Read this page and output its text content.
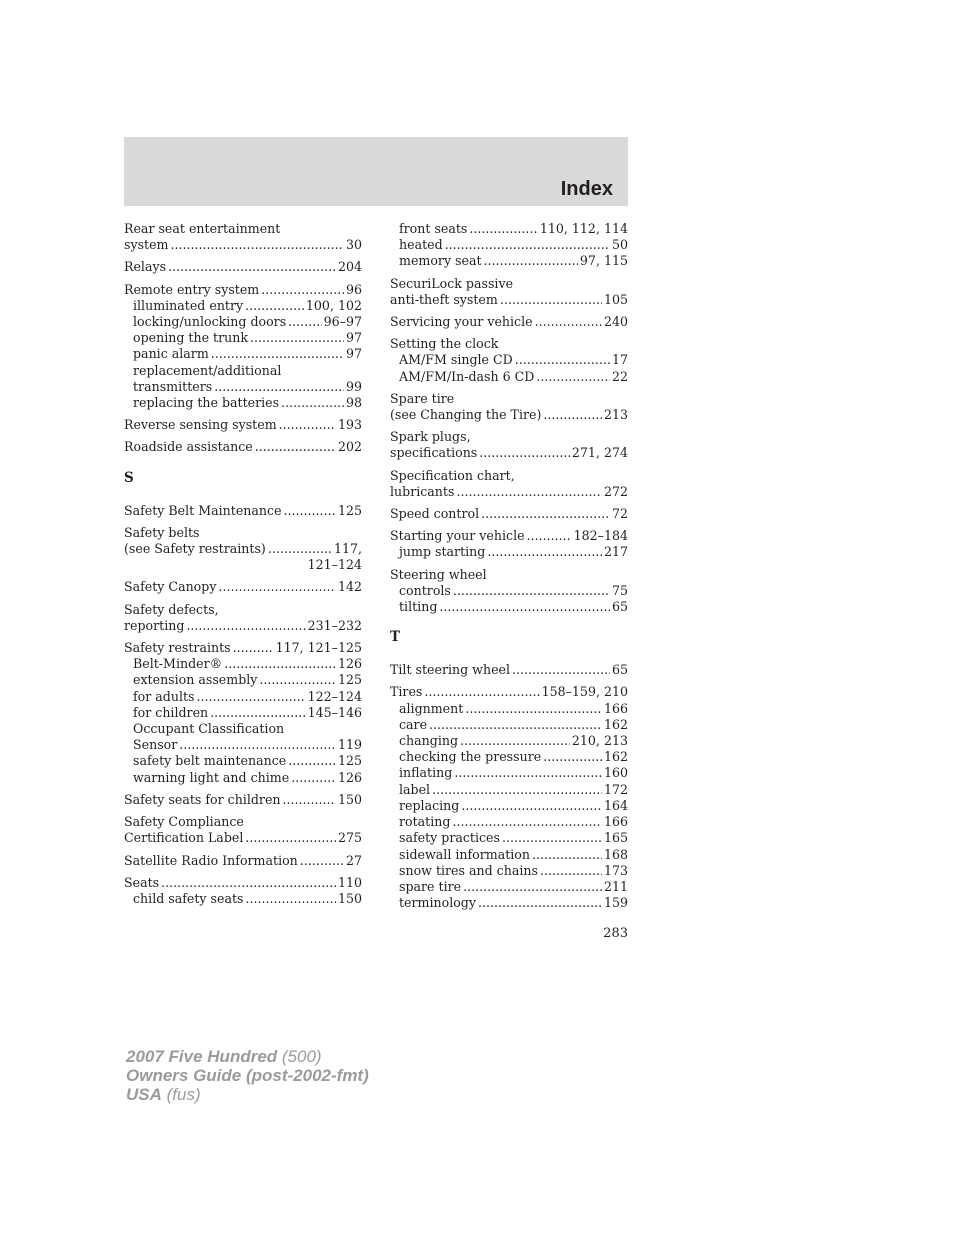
Index
Rear seat entertainment
system .....	30
Relays .....	204
Remote entry system .....	96
illuminated entry .....	100, 102
locking/unlocking doors .....	96–97
opening the trunk .....	97
panic alarm .....	97
replacement/additional
transmitters .....	99
replacing the batteries .....	98
Reverse sensing system .....	193
Roadside assistance .....	202
S
Safety Belt Maintenance .....	125
Safety belts
(see Safety restraints) .....	117,
121–124
Safety Canopy .....	142
Safety defects,
reporting .....	231–232
Safety restraints .....	117, 121–125
Belt-Minder® .....	126
extension assembly .....	125
for adults .....	122–124
for children .....	145–146
Occupant Classification
Sensor .....	119
safety belt maintenance .....	125
warning light and chime .....	126
Safety seats for children .....	150
Safety Compliance
Certification Label .....	275
Satellite Radio Information .....	27
Seats .....	110
child safety seats .....	150
front seats .....	110, 112, 114
heated .....	50
memory seat .....	97, 115
SecuriLock passive
anti-theft system .....	105
Servicing your vehicle .....	240
Setting the clock
AM/FM single CD .....	17
AM/FM/In-dash 6 CD .....	22
Spare tire
(see Changing the Tire) .....	213
Spark plugs,
specifications .....	271, 274
Specification chart,
lubricants .....	272
Speed control .....	72
Starting your vehicle .....	182–184
jump starting .....	217
Steering wheel
controls .....	75
tilting .....	65
T
Tilt steering wheel .....	65
Tires .....	158–159, 210
alignment .....	166
care .....	162
changing .....	210, 213
checking the pressure .....	162
inflating .....	160
label .....	172
replacing .....	164
rotating .....	166
safety practices .....	165
sidewall information .....	168
snow tires and chains .....	173
spare tire .....	211
terminology .....	159
283
2007 Five Hundred (500)
Owners Guide (post-2002-fmt)
USA (fus)
